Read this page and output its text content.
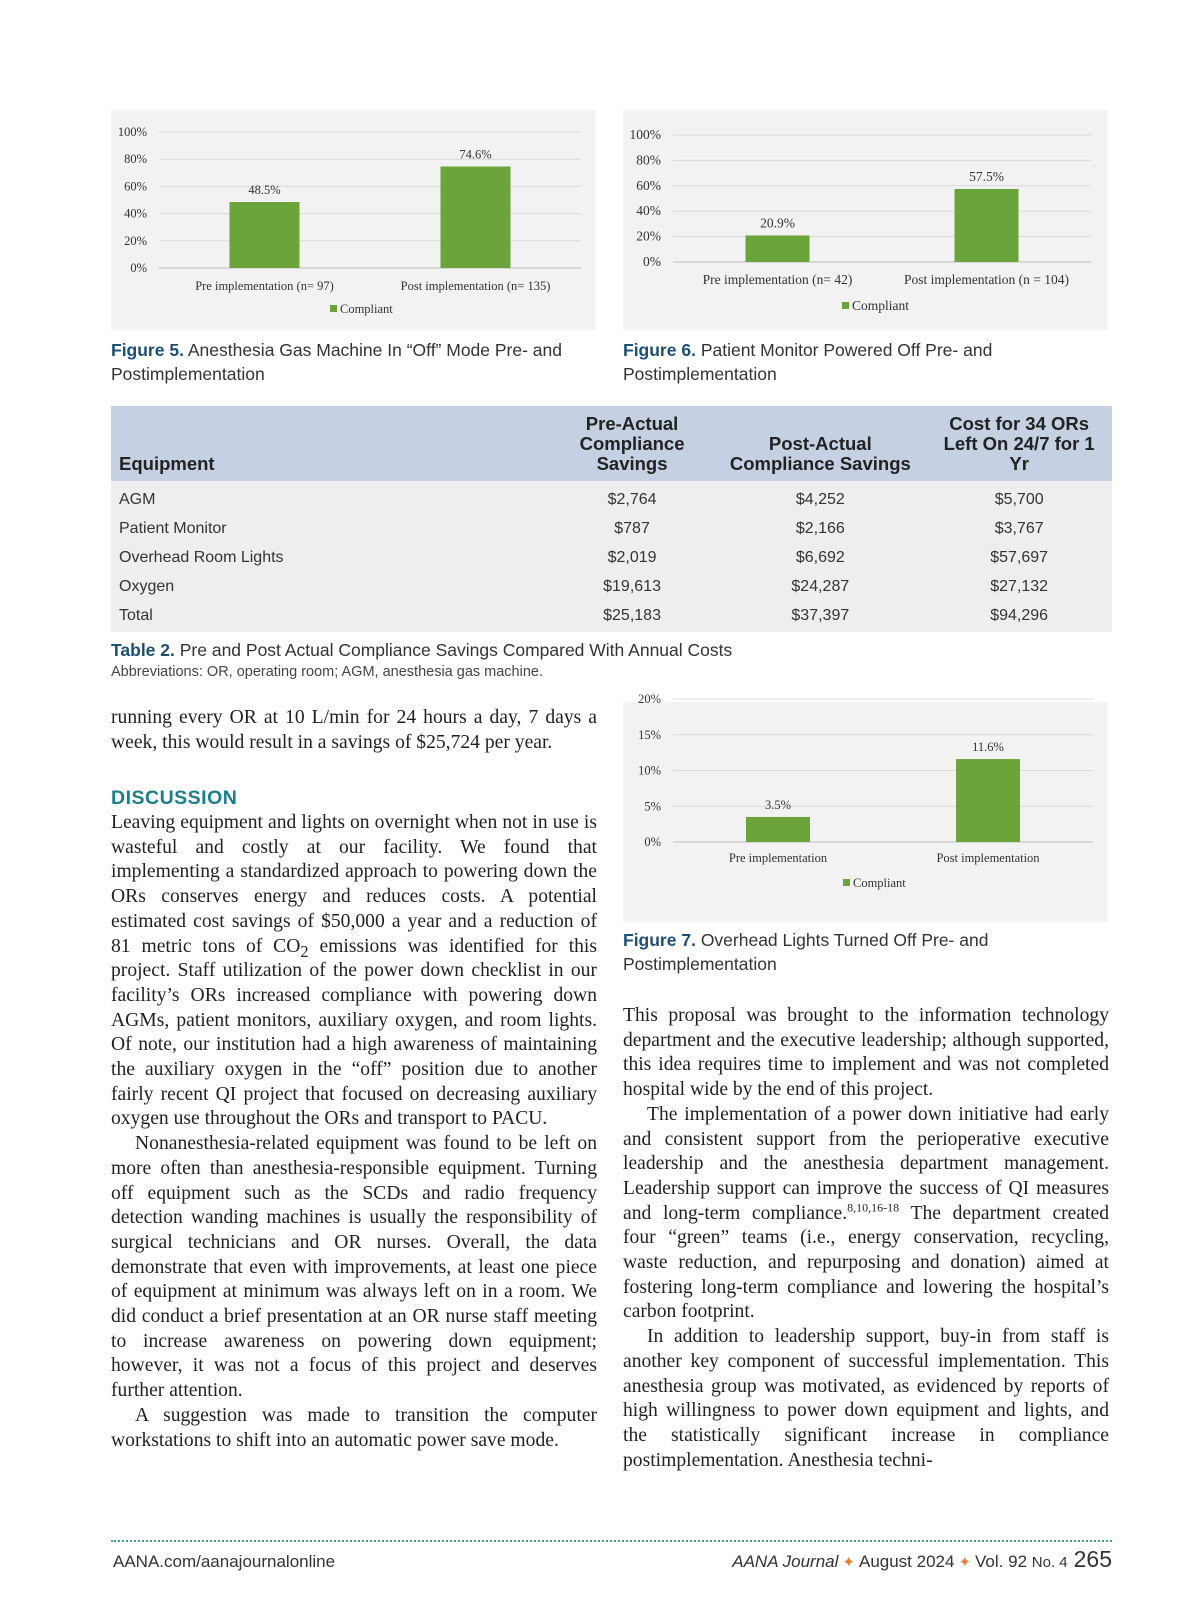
0%
20%
40%
60%
80%
100%
48.5%
Pre implementation (n= 97)
74.6%
Post implementation (n= 135)
Compliant
Figure 5. Anesthesia Gas Machine In “Off” Mode Pre- and Postimplementation
0%
20%
40%
60%
80%
100%
20.9%
Pre implementation (n= 42)
57.5%
Post implementation (n = 104)
Compliant
Figure 6. Patient Monitor Powered Off Pre- and Postimplementation
Equipment	Pre-Actual Compliance Savings	Post-Actual Compliance Savings	Cost for 34 ORs Left On 24/7 for 1 Yr
AGM	$2,764	$4,252	$5,700
Patient Monitor	$787	$2,166	$3,767
Overhead Room Lights	$2,019	$6,692	$57,697
Oxygen	$19,613	$24,287	$27,132
Total	$25,183	$37,397	$94,296
Table 2. Pre and Post Actual Compliance Savings Compared With Annual Costs
Abbreviations: OR, operating room; AGM, anesthesia gas machine.

running every OR at 10 L/min for 24 hours a day, 7 days a week, this would result in a savings of $25,724 per year.

DISCUSSION

Leaving equipment and lights on overnight when not in use is wasteful and costly at our facility. We found that implementing a standardized approach to powering down the ORs conserves energy and reduces costs. A potential estimated cost savings of $50,000 a year and a reduction of 81 metric tons of $CO_2$ emissions was identified for this project. Staff utilization of the power down checklist in our facility’s ORs increased compliance with powering down AGMs, patient monitors, auxiliary oxygen, and room lights. Of note, our institution had a high awareness of maintaining the auxiliary oxygen in the “off” position due to another fairly recent QI project that focused on decreasing auxiliary oxygen use throughout the ORs and transport to PACU.

Nonanesthesia-related equipment was found to be left on more often than anesthesia-responsible equipment. Turning off equipment such as the SCDs and radio frequency detection wanding machines is usually the responsibility of surgical technicians and OR nurses. Overall, the data demonstrate that even with improvements, at least one piece of equipment at minimum was always left on in a room. We did conduct a brief presentation at an OR nurse staff meeting to increase awareness on powering down equipment; however, it was not a focus of this project and deserves further attention.

A suggestion was made to transition the computer workstations to shift into an automatic power save mode.

0%
5%
10%
15%
20%
3.5%
Pre implementation
11.6%
Post implementation
Compliant
Figure 7. Overhead Lights Turned Off Pre- and Postimplementation

This proposal was brought to the information technology department and the executive leadership; although supported, this idea requires time to implement and was not completed hospital wide by the end of this project.

The implementation of a power down initiative had early and consistent support from the perioperative executive leadership and the anesthesia department management. Leadership support can improve the success of QI measures and long-term compliance.$^{8,10,16-18}$ The department created four “green” teams (i.e., energy conservation, recycling, waste reduction, and repurposing and donation) aimed at fostering long-term compliance and lowering the hospital’s carbon footprint.

In addition to leadership support, buy-in from staff is another key component of successful implementation. This anesthesia group was motivated, as evidenced by reports of high willingness to power down equipment and lights, and the statistically significant increase in compliance postimplementation. Anesthesia techni-

AANA.com/aanajournalonline	AANA Journal ✦ August 2024 ✦ Vol. 92 No. 4 265
